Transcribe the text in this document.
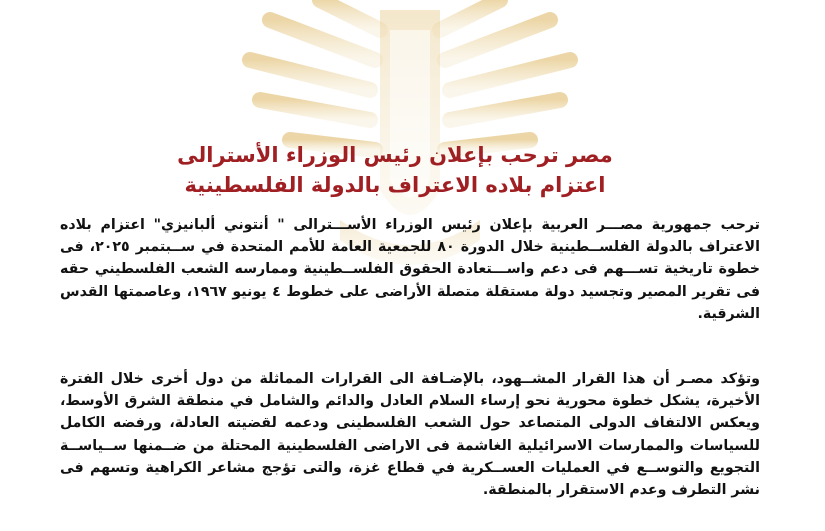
مصر ترحب بإعلان رئيس الوزراء الأسترالى
اعتزام بلاده الاعتراف بالدولة الفلسطينية

ترحب جمهورية مصـــر العربية بإعلان رئيس الوزراء الأســـترالى " أنتوني ألبانيزي" اعتزام بلاده الاعتراف بالدولة الفلســطينية خلال الدورة ٨٠ للجمعية العامة للأمم المتحدة في ســبتمبر ٢٠٢٥، فى خطوة تاريخية تســـهم فى دعم واســـتعادة الحقوق الفلســطينية وممارسه الشعب الفلسطيني حقه فى تقرير المصير وتجسيد دولة مستقلة متصلة الأراضى على خطوط ٤ يونيو ١٩٦٧، وعاصمتها القدس الشرقية.

وتؤكد مصـر أن هذا القرار المشــهود، بالإضـافة الى القرارات المماثلة من دول أخرى خلال الفترة الأخيرة، يشكل خطوة محورية نحو إرساء السلام العادل والدائم والشامل في منطقة الشرق الأوسط، ويعكس الالتفاف الدولى المتصاعد حول الشعب الفلسطينى ودعمه لقضيته العادلة، ورفضه الكامل للسياسات والممارسات الاسرائيلية الغاشمة فى الاراضى الفلسطينية المحتلة من ضــمنها ســياســة التجويع والتوســع في العمليات العســكرية في قطاع غزة، والتى تؤجج مشاعر الكراهية وتسهم فى نشر التطرف وعدم الاستقرار بالمنطقة.
